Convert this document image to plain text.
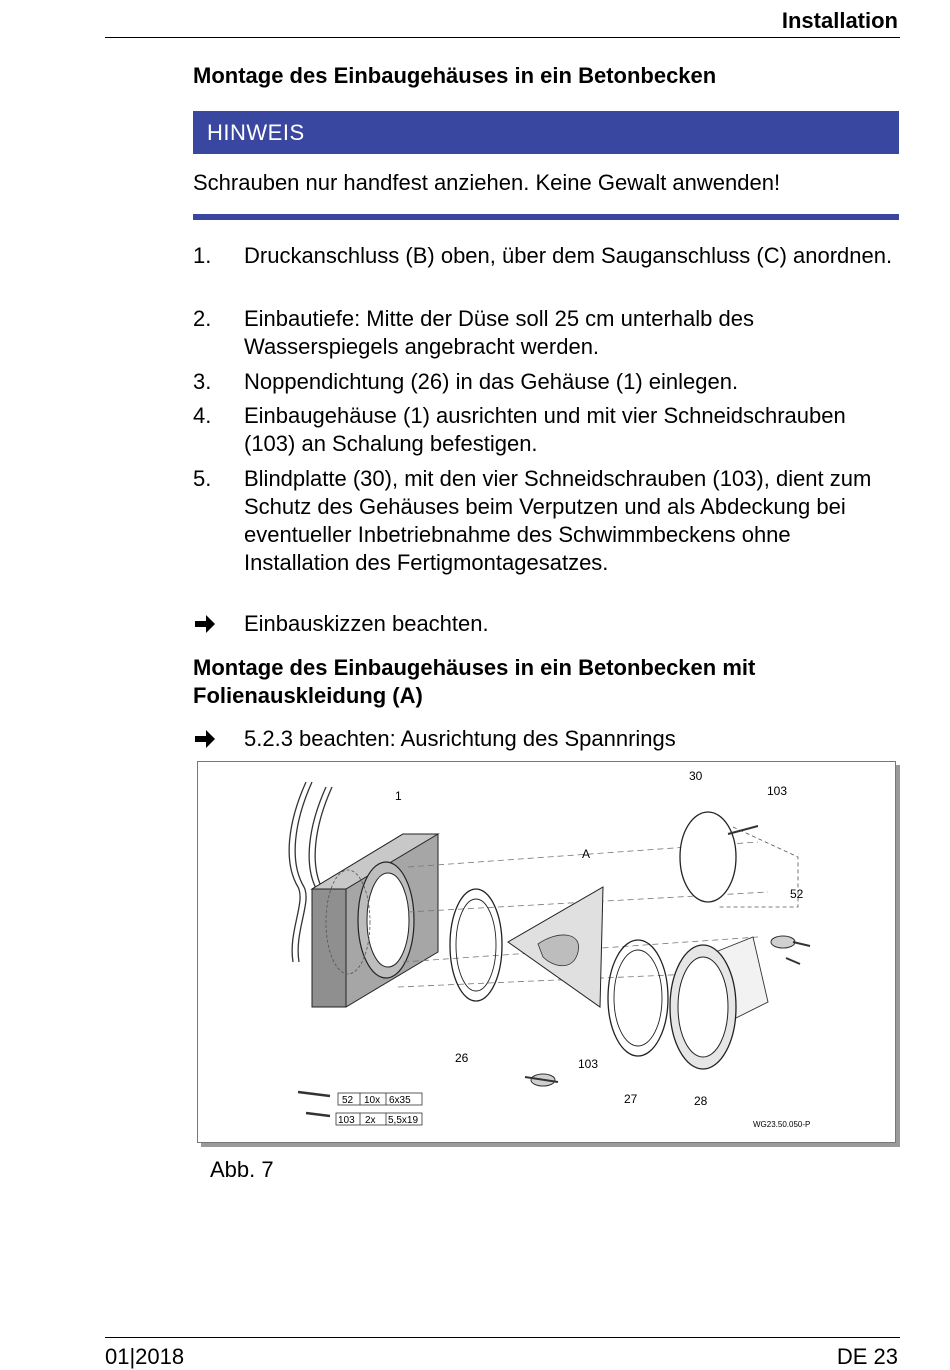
Installation
Montage des Einbaugehäuses in ein Betonbecken
HINWEIS
Schrauben nur handfest anziehen. Keine Gewalt anwenden!
1. Druckanschluss (B) oben, über dem Sauganschluss (C) anordnen.
2. Einbautiefe: Mitte der Düse soll 25 cm unterhalb des Wasserspiegels angebracht werden.
3. Noppendichtung (26) in das Gehäuse (1) einlegen.
4. Einbaugehäuse (1) ausrichten und mit vier Schneidschrauben (103) an Schalung befestigen.
5. Blindplatte (30), mit den vier Schneidschrauben (103), dient zum Schutz des Gehäuses beim Verputzen und als Abdeckung bei eventueller Inbetriebnahme des Schwimmbeckens ohne Installation des Fertigmontagesatzes.
Einbauskizzen beachten.
Montage des Einbaugehäuses in ein Betonbecken mit Folienauskleidung (A)
5.2.3 beachten: Ausrichtung des Spannrings
1
30
103
A
52
26	103
27	28
52 10x 6x35
103 2x 5,5x19	WG23.50.050-P
Abb. 7
01|2018	DE 23
